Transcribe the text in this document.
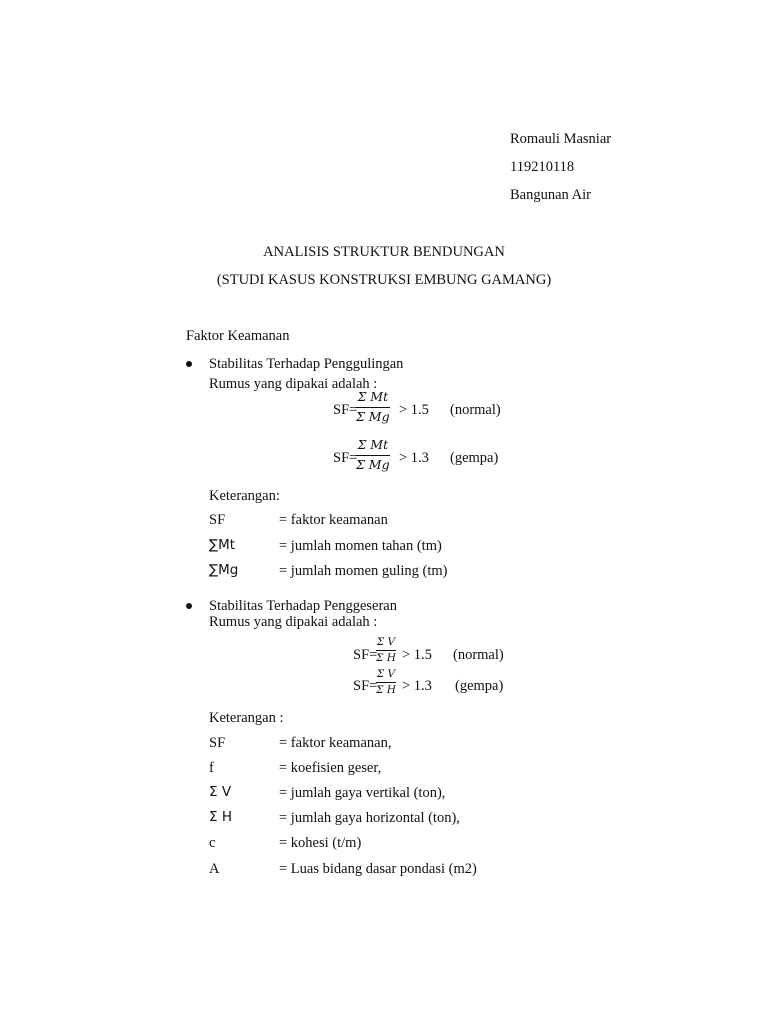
Romauli Masniar
119210118
Bangunan Air
ANALISIS STRUKTUR BENDUNGAN
(STUDI KASUS KONSTRUKSI EMBUNG GAMANG)
Faktor Keamanan
Stabilitas Terhadap Penggulingan
Rumus yang dipakai adalah :
SF=
Σ Mt
Σ Mg > 1.5 (normal)
SF=
Σ Mt
Σ Mg > 1.3 (gempa)
Keterangan:
SF	= faktor keamanan
∑Mt	= jumlah momen tahan (tm)
∑Mg	= jumlah momen guling (tm)
Stabilitas Terhadap Penggeseran
Rumus yang dipakai adalah :
SF=
Σ V
Σ H > 1.5 (normal)
SF=
Σ V
Σ H > 1.3 (gempa)
Keterangan :
SF	= faktor keamanan,
f	= koefisien geser,
Σ V	= jumlah gaya vertikal (ton),
Σ H	= jumlah gaya horizontal (ton),
c	= kohesi (t/m)
A	= Luas bidang dasar pondasi (m2)
